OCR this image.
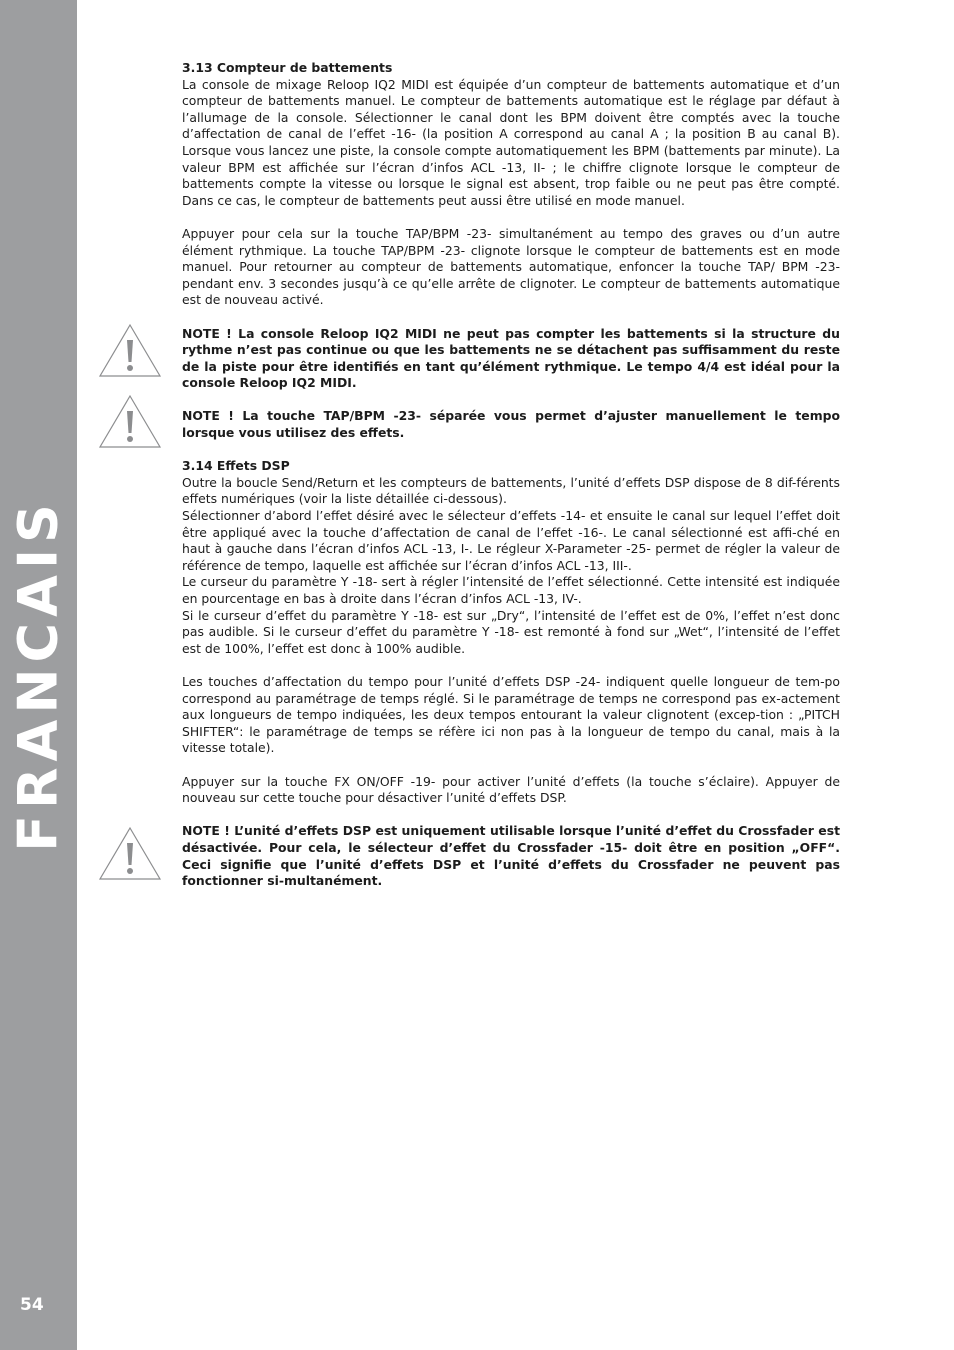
FRANCAIS
54

3.13 Compteur de battements

La console de mixage Reloop IQ2 MIDI est équipée d’un compteur de battements automatique et d’un compteur de battements manuel. Le compteur de battements automatique est le réglage par défaut à l’allumage de la console. Sélectionner le canal dont les BPM doivent être comptés avec la touche d’affectation de canal de l’effet -16- (la position A correspond au canal A ; la position B au canal B). Lorsque vous lancez une piste, la console compte automatiquement les BPM (battements par minute). La valeur BPM est affichée sur l’écran d’infos ACL -13, II- ; le chiffre clignote lorsque le compteur de battements compte la vitesse ou lorsque le signal est absent, trop faible ou ne peut pas être compté. Dans ce cas, le compteur de battements peut aussi être utilisé en mode manuel.

Appuyer pour cela sur la touche TAP/BPM -23- simultanément au tempo des graves ou d’un autre élément rythmique. La touche TAP/BPM -23- clignote lorsque le compteur de battements est en mode manuel. Pour retourner au compteur de battements automatique, enfoncer la touche TAP/ BPM -23- pendant env. 3 secondes jusqu’à ce qu’elle arrête de clignoter. Le compteur de battements automatique est de nouveau activé.

NOTE ! La console Reloop IQ2 MIDI ne peut pas compter les battements si la structure du rythme n’est pas continue ou que les battements ne se détachent pas suffisamment du reste de la piste pour être identifiés en tant qu’élément rythmique. Le tempo 4/4 est idéal pour la console Reloop IQ2 MIDI.

NOTE ! La touche TAP/BPM -23- séparée vous permet d’ajuster manuellement le tempo lorsque vous utilisez des effets.

3.14 Effets DSP

Outre la boucle Send/Return et les compteurs de battements, l’unité d’effets DSP dispose de 8 dif-férents effets numériques (voir la liste détaillée ci-dessous).

Sélectionner d’abord l’effet désiré avec le sélecteur d’effets -14- et ensuite le canal sur lequel l’effet doit être appliqué avec la touche d’affectation de canal de l’effet -16-. Le canal sélectionné est affi-ché en haut à gauche dans l’écran d’infos ACL -13, I-. Le régleur X-Parameter -25- permet de régler la valeur de référence de tempo, laquelle est affichée sur l’écran d’infos ACL -13, III-.

Le curseur du paramètre Y -18- sert à régler l’intensité de l’effet sélectionné. Cette intensité est indiquée en pourcentage en bas à droite dans l’écran d’infos ACL -13, IV-.

Si le curseur d’effet du paramètre Y -18- est sur „Dry“, l’intensité de l’effet est de 0%, l’effet n’est donc pas audible. Si le curseur d’effet du paramètre Y -18- est remonté à fond sur „Wet“, l’intensité de l’effet est de 100%, l’effet est donc à 100% audible.

Les touches d’affectation du tempo pour l’unité d’effets DSP -24- indiquent quelle longueur de tem-po correspond au paramétrage de temps réglé. Si le paramétrage de temps ne correspond pas ex-actement aux longueurs de tempo indiquées, les deux tempos entourant la valeur clignotent (excep-tion : „PITCH SHIFTER“: le paramétrage de temps se réfère ici non pas à la longueur de tempo du canal, mais à la vitesse totale).

Appuyer sur la touche FX ON/OFF -19- pour activer l’unité d’effets (la touche s’éclaire). Appuyer de nouveau sur cette touche pour désactiver l’unité d’effets DSP.

NOTE ! L’unité d’effets DSP est uniquement utilisable lorsque l’unité d’effet du Crossfader est désactivée. Pour cela, le sélecteur d’effet du Crossfader -15- doit être en position „OFF“. Ceci signifie que l’unité d’effets DSP et l’unité d’effets du Crossfader ne peuvent pas fonctionner si-multanément.
